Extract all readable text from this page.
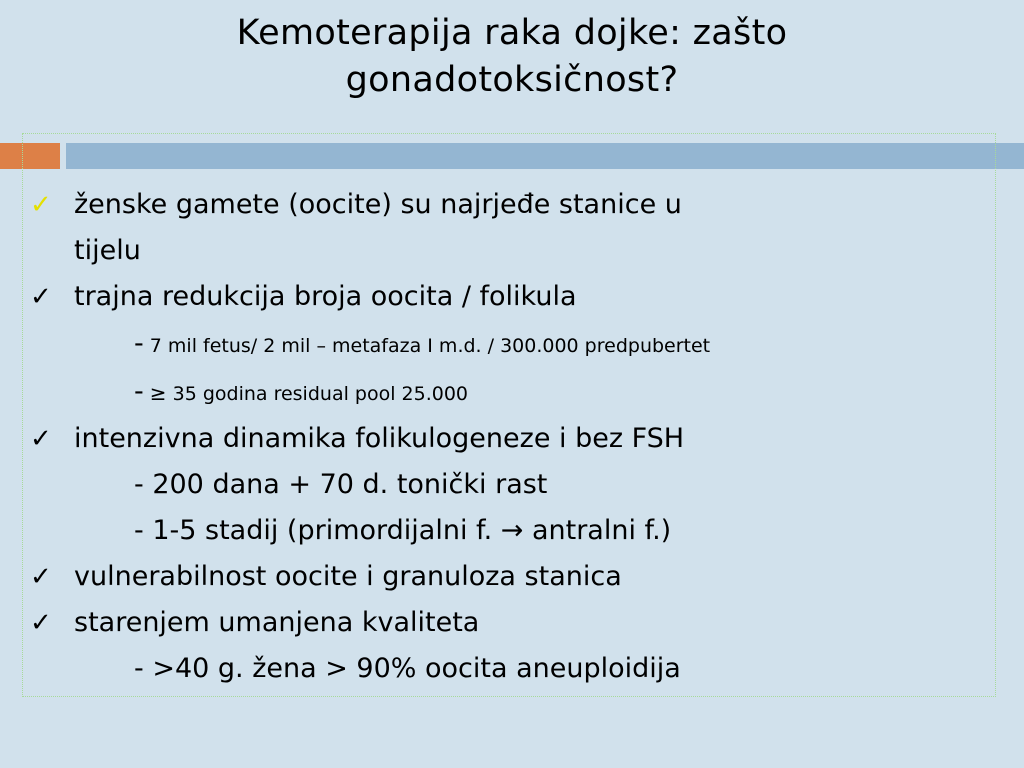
Kemoterapija raka dojke: zašto
gonadotoksičnost?
✓ ženske gamete (oocite) su najrjeđe stanice u
tijelu
✓ trajna redukcija broja oocita / folikula
- 7 mil fetus/ 2 mil – metafaza I m.d. / 300.000 predpubertet
- ≥ 35 godina residual pool 25.000
✓ intenzivna dinamika folikulogeneze i bez FSH
- 200 dana + 70 d. tonički rast
- 1-5 stadij (primordijalni f. → antralni f.)
✓ vulnerabilnost oocite i granuloza stanica
✓ starenjem umanjena kvaliteta
- >40 g. žena > 90% oocita aneuploidija
